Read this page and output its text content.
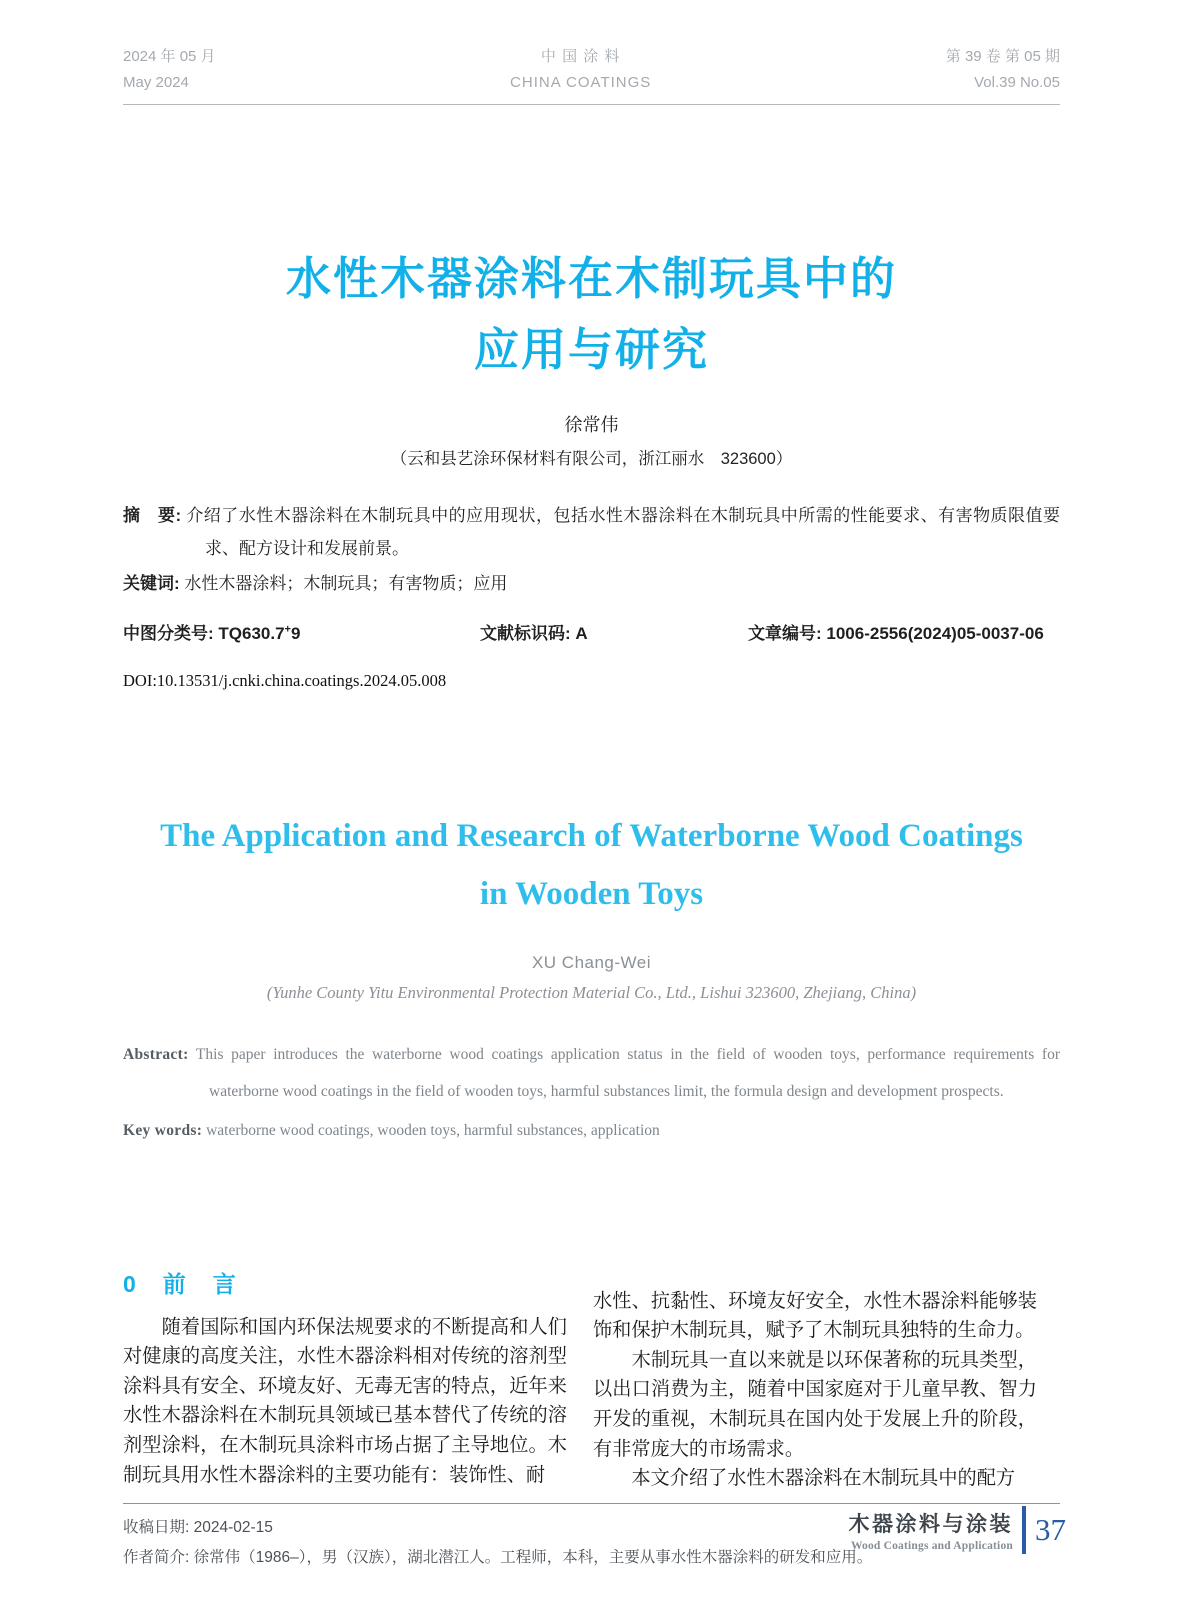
2024 年 05 月
May 2024
中 国 涂 料
CHINA COATINGS
第 39 卷 第 05 期
Vol.39 No.05
水性木器涂料在木制玩具中的
应用与研究
徐常伟
（云和县艺涂环保材料有限公司，浙江丽水　323600）

摘　要: 介绍了水性木器涂料在木制玩具中的应用现状，包括水性木器涂料在木制玩具中所需的性能要求、有害物质限值要求、配方设计和发展前景。

关键词: 水性木器涂料；木制玩具；有害物质；应用

中图分类号: TQ630.7+9	文献标识码: A	文章编号: 1006-2556(2024)05-0037-06
DOI:10.13531/j.cnki.china.coatings.2024.05.008
The Application and Research of Waterborne Wood Coatings
in Wooden Toys
XU Chang-Wei
(Yunhe County Yitu Environmental Protection Material Co., Ltd., Lishui 323600, Zhejiang, China)

Abstract: This paper introduces the waterborne wood coatings application status in the field of wooden toys, performance requirements for waterborne wood coatings in the field of wooden toys, harmful substances limit, the formula design and development prospects.

Key words: waterborne wood coatings, wooden toys, harmful substances, application

0　前　言

　　随着国际和国内环保法规要求的不断提高和人们对健康的高度关注，水性木器涂料相对传统的溶剂型涂料具有安全、环境友好、无毒无害的特点，近年来水性木器涂料在木制玩具领域已基本替代了传统的溶剂型涂料，在木制玩具涂料市场占据了主导地位。木制玩具用水性木器涂料的主要功能有：装饰性、耐

水性、抗黏性、环境友好安全，水性木器涂料能够装饰和保护木制玩具，赋予了木制玩具独特的生命力。

　　木制玩具一直以来就是以环保著称的玩具类型，以出口消费为主，随着中国家庭对于儿童早教、智力开发的重视，木制玩具在国内处于发展上升的阶段，有非常庞大的市场需求。

　　本文介绍了水性木器涂料在木制玩具中的配方

收稿日期: 2024-02-15
作者简介: 徐常伟（1986–），男（汉族），湖北潜江人。工程师，本科，主要从事水性木器涂料的研发和应用。
木器涂料与涂装
Wood Coatings and Application 37
